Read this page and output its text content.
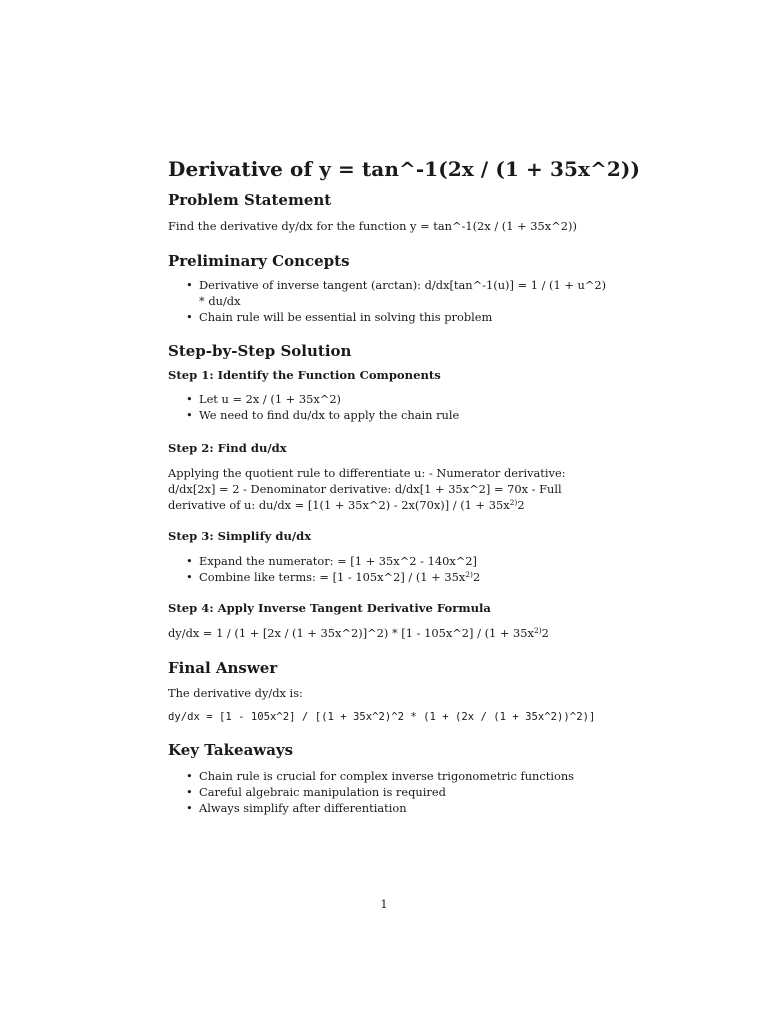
Derivative of y = tan^-1(2x / (1 + 35x^2))
Problem Statement

Find the derivative dy/dx for the function y = tan^-1(2x / (1 + 35x^2))

Preliminary Concepts
• Derivative of inverse tangent (arctan): d/dx[tan^-1(u)] = 1 / (1 + u^2) * du/dx
• Chain rule will be essential in solving this problem
Step-by-Step Solution
Step 1: Identify the Function Components
• Let u = 2x / (1 + 35x^2)
• We need to find du/dx to apply the chain rule
Step 2: Find du/dx

Applying the quotient rule to differentiate u: - Numerator derivative: d/dx[2x] = 2 - Denominator derivative: d/dx[1 + 35x^2] = 70x - Full derivative of u: du/dx = [1(1 + 35x^2) - $2x(70x)] / (1 + 35x^{2)}2$

Step 3: Simplify du/dx
• Expand the numerator: = [1 + 35x^2 - 140x^2]
• Combine like terms: = [1 - 105x^2] / ($1 + 35x^{2)}2$
Step 4: Apply Inverse Tangent Derivative Formula

dy/dx = 1 / (1 + [2x / (1 + 35x^2)]^2) * [1 - 105x^2] / ($1 + 35x^{2)}2$

Final Answer

The derivative dy/dx is:

dy/dx = [1 - 105x^2] / [(1 + 35x^2)^2 * (1 + (2x / (1 + 35x^2))^2)]

Key Takeaways
• Chain rule is crucial for complex inverse trigonometric functions
• Careful algebraic manipulation is required
• Always simplify after differentiation
1
